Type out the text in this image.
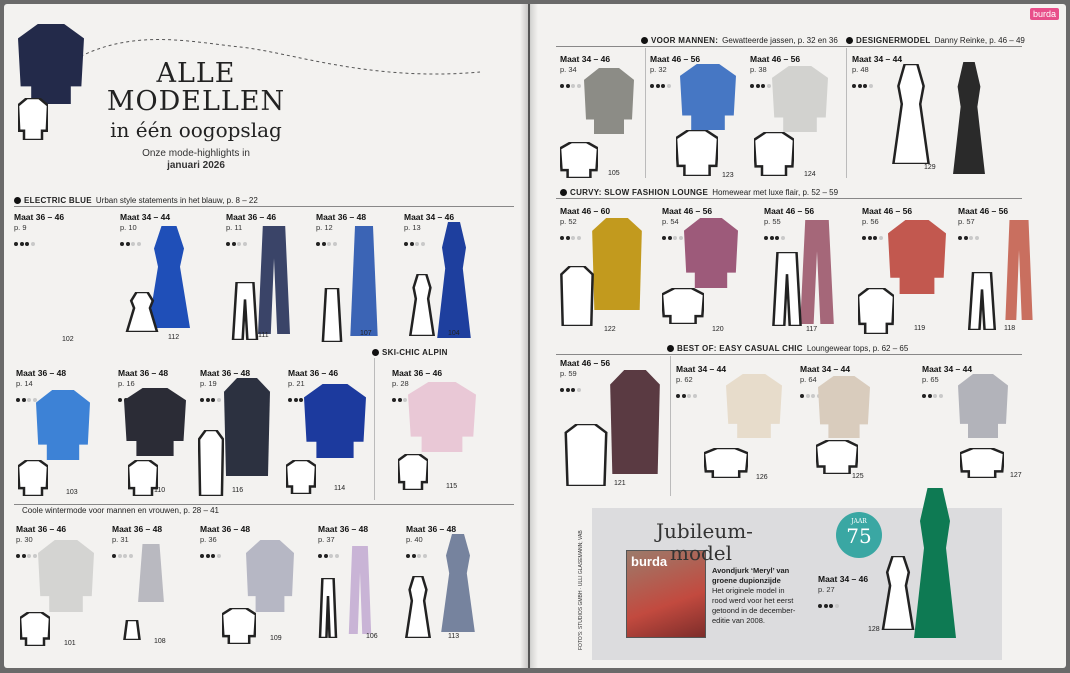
ALLE
MODELLEN
in één oogopslag
Onze mode-highlights in
januari 2026
ELECTRIC BLUE Urban style statements in het blauw, p. 8 – 22
SKI-CHIC ALPIN
Coole wintermode voor mannen en vrouwen, p. 28 – 41
VOOR MANNEN: Gewatteerde jassen, p. 32 en 36	DESIGNERMODEL Danny Reinke, p. 46 – 49
CURVY: SLOW FASHION LOUNGE Homewear met luxe flair, p. 52 – 59
BEST OF: EASY CASUAL CHIC Loungewear tops, p. 62 – 65
burda
Jubileum-
model
Avondjurk ‘Meryl’ van
groene dupionzijde
Het originele model in
rood werd voor het eerst
getoond in de december-
editie van 2008.
JAAR
75
FOTO'S: STUDIOS GMBH · ULLI GLASEMANN; VAB
burda
Maat 36 – 46
p. 9
102
Maat 34 – 44
p. 10
112
Maat 36 – 46
p. 11
111
Maat 36 – 48
p. 12
107
Maat 34 – 46
p. 13
104
Maat 36 – 48
p. 14
103
Maat 36 – 48
p. 16
110
Maat 36 – 48
p. 19
116
Maat 36 – 46
p. 21
114
Maat 36 – 46
p. 28
115
Maat 36 – 46
p. 30
101
Maat 36 – 48
p. 31
108
Maat 36 – 48
p. 36
109
Maat 36 – 48
p. 37
106
Maat 36 – 48
p. 40
113
Maat 34 – 46
p. 34
105
Maat 46 – 56
p. 32
123
Maat 46 – 56
p. 38
124
Maat 34 – 44
p. 48
129
Maat 46 – 60
p. 52
122
Maat 46 – 56
p. 54
120
Maat 46 – 56
p. 55
117
Maat 46 – 56
p. 56
119
Maat 46 – 56
p. 57
118
Maat 46 – 56
p. 59
121
Maat 34 – 44
p. 62
126
Maat 34 – 44
p. 64
125
Maat 34 – 44
p. 65
127
Maat 34 – 46
p. 27
128
